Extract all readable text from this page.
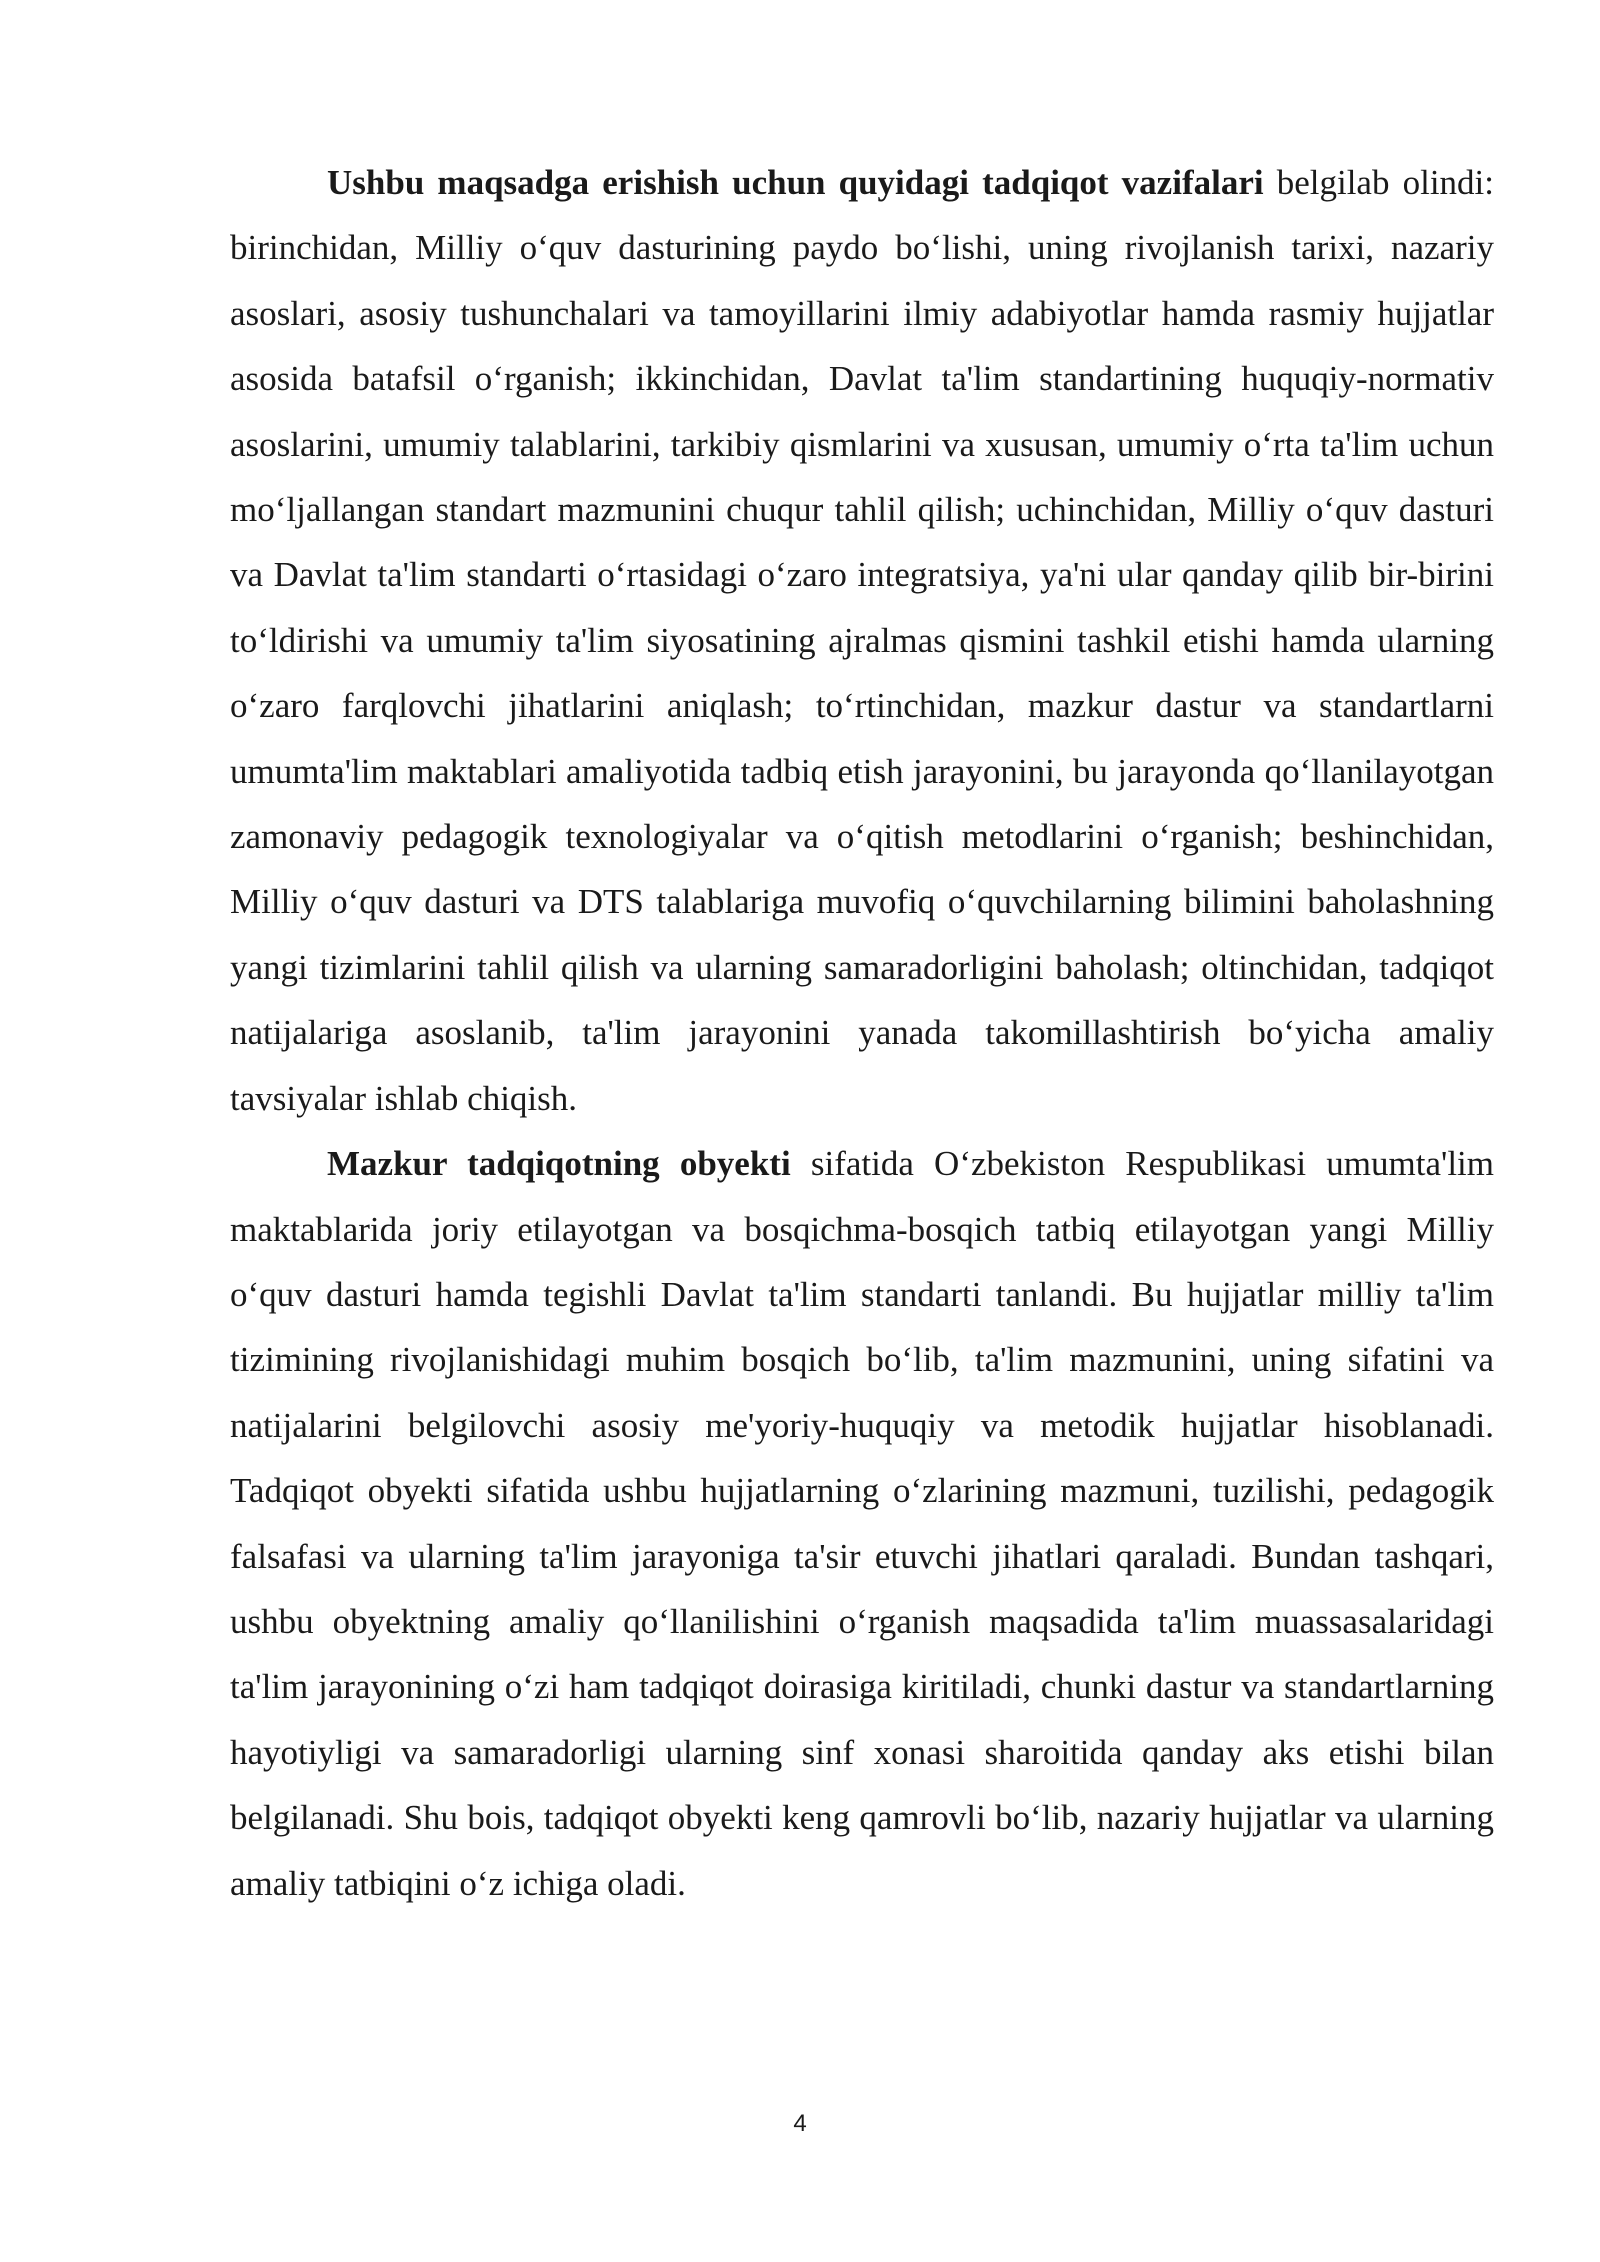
Ushbu maqsadga erishish uchun quyidagi tadqiqot vazifalari belgilab olindi: birinchidan, Milliy o‘quv dasturining paydo bo‘lishi, uning rivojlanish tarixi, nazariy asoslari, asosiy tushunchalari va tamoyillarini ilmiy adabiyotlar hamda rasmiy hujjatlar asosida batafsil o‘rganish; ikkinchidan, Davlat ta'lim standartining huquqiy-normativ asoslarini, umumiy talablarini, tarkibiy qismlarini va xususan, umumiy o‘rta ta'lim uchun mo‘ljallangan standart mazmunini chuqur tahlil qilish; uchinchidan, Milliy o‘quv dasturi va Davlat ta'lim standarti o‘rtasidagi o‘zaro integratsiya, ya'ni ular qanday qilib bir-birini to‘ldirishi va umumiy ta'lim siyosatining ajralmas qismini tashkil etishi hamda ularning o‘zaro farqlovchi jihatlarini aniqlash; to‘rtinchidan, mazkur dastur va standartlarni umumta'lim maktablari amaliyotida tadbiq etish jarayonini, bu jarayonda qo‘llanilayotgan zamonaviy pedagogik texnologiyalar va o‘qitish metodlarini o‘rganish; beshinchidan, Milliy o‘quv dasturi va DTS talablariga muvofiq o‘quvchilarning bilimini baholashning yangi tizimlarini tahlil qilish va ularning samaradorligini baholash; oltinchidan, tadqiqot natijalariga asoslanib, ta'lim jarayonini yanada takomillashtirish bo‘yicha amaliy tavsiyalar ishlab chiqish.

Mazkur tadqiqotning obyekti sifatida O‘zbekiston Respublikasi umumta'lim maktablarida joriy etilayotgan va bosqichma-bosqich tatbiq etilayotgan yangi Milliy o‘quv dasturi hamda tegishli Davlat ta'lim standarti tanlandi. Bu hujjatlar milliy ta'lim tizimining rivojlanishidagi muhim bosqich bo‘lib, ta'lim mazmunini, uning sifatini va natijalarini belgilovchi asosiy me'yoriy-huquqiy va metodik hujjatlar hisoblanadi. Tadqiqot obyekti sifatida ushbu hujjatlarning o‘zlarining mazmuni, tuzilishi, pedagogik falsafasi va ularning ta'lim jarayoniga ta'sir etuvchi jihatlari qaraladi. Bundan tashqari, ushbu obyektning amaliy qo‘llanilishini o‘rganish maqsadida ta'lim muassasalaridagi ta'lim jarayonining o‘zi ham tadqiqot doirasiga kiritiladi, chunki dastur va standartlarning hayotiyligi va samaradorligi ularning sinf xonasi sharoitida qanday aks etishi bilan belgilanadi. Shu bois, tadqiqot obyekti keng qamrovli bo‘lib, nazariy hujjatlar va ularning amaliy tatbiqini o‘z ichiga oladi.

4
